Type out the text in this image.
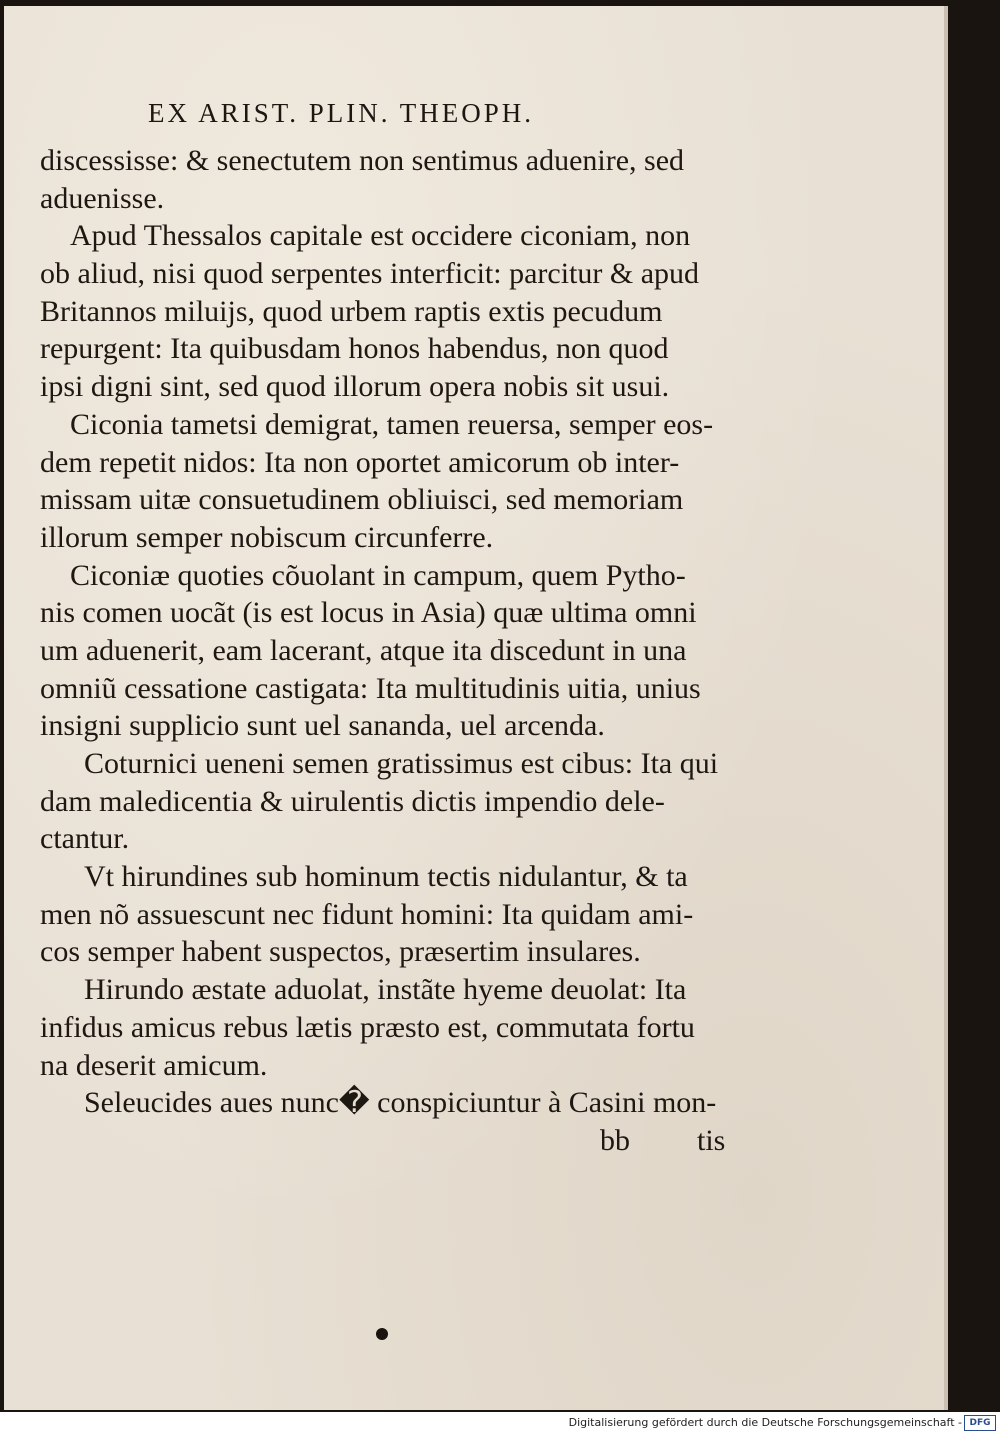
EX ARIST. PLIN. THEOPH.
discessisse: & senectutem non sentimus aduenire, sed
aduenisse.
Apud Thessalos capitale est occidere ciconiam, non
ob aliud, nisi quod serpentes interficit: parcitur & apud
Britannos miluijs, quod urbem raptis extis pecudum
repurgent: Ita quibusdam honos habendus, non quod
ipsi digni sint, sed quod illorum opera nobis sit usui.
Ciconia tametsi demigrat, tamen reuersa, semper eos-
dem repetit nidos: Ita non oportet amicorum ob inter-
missam uitæ consuetudinem obliuisci, sed memoriam
illorum semper nobiscum circunferre.
Ciconiæ quoties cõuolant in campum, quem Pytho-
nis comen uocãt (is est locus in Asia) quæ ultima omni
um aduenerit, eam lacerant, atque ita discedunt in una
omniũ cessatione castigata: Ita multitudinis uitia, unius
insigni supplicio sunt uel sananda, uel arcenda.
Coturnici ueneni semen gratissimus est cibus: Ita qui
dam maledicentia & uirulentis dictis impendio dele-
ctantur.
Vt hirundines sub hominum tectis nidulantur, & ta
men nõ assuescunt nec fidunt homini: Ita quidam ami-
cos semper habent suspectos, præsertim insulares.
Hirundo æstate aduolat, instãte hyeme deuolat: Ita
infidus amicus rebus lætis præsto est, commutata fortu
na deserit amicum.
Seleucides aues nunc� conspiciuntur à Casini mon-
bb tis
Digitalisierung gefördert durch die Deutsche Forschungsgemeinschaft - DFG
